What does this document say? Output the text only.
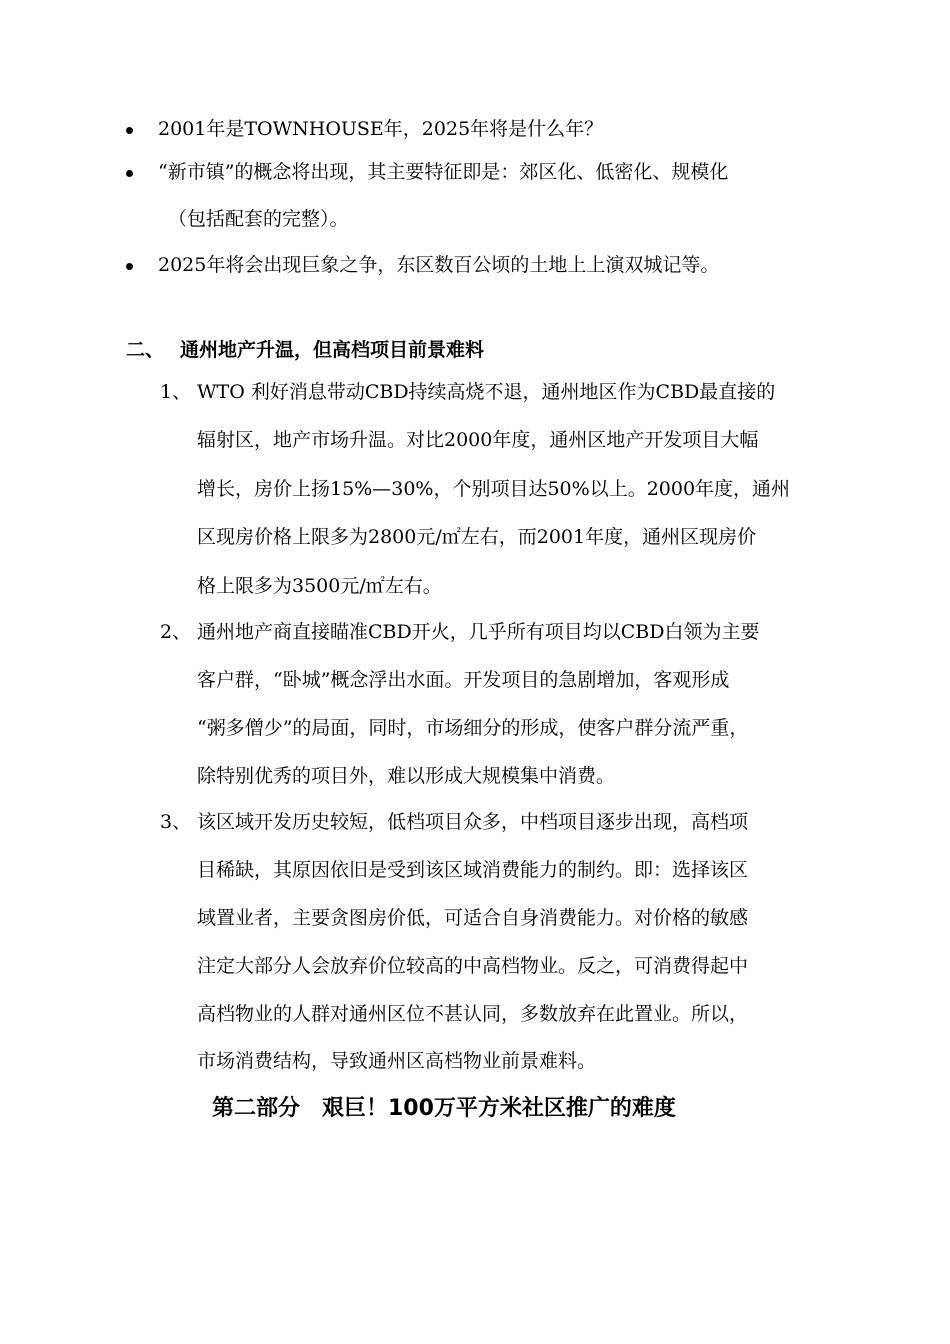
2001年是TOWNHOUSE年，2025年将是什么年？
“新市镇”的概念将出现，其主要特征即是：郊区化、低密化、规模化
（包括配套的完整）。
2025年将会出现巨象之争，东区数百公顷的土地上上演双城记等。
二、 通州地产升温，但高档项目前景难料
1、 WTO 利好消息带动CBD持续高烧不退，通州地区作为CBD最直接的
辐射区，地产市场升温。对比2000年度，通州区地产开发项目大幅
增长，房价上扬15%—30%，个别项目达50%以上。2000年度，通州
区现房价格上限多为2800元/㎡左右，而2001年度，通州区现房价
格上限多为3500元/㎡左右。
2、 通州地产商直接瞄准CBD开火，几乎所有项目均以CBD白领为主要
客户群，“卧城”概念浮出水面。开发项目的急剧增加，客观形成
“粥多僧少”的局面，同时，市场细分的形成，使客户群分流严重，
除特别优秀的项目外，难以形成大规模集中消费。
3、 该区域开发历史较短，低档项目众多，中档项目逐步出现，高档项
目稀缺，其原因依旧是受到该区域消费能力的制约。即：选择该区
域置业者，主要贪图房价低，可适合自身消费能力。对价格的敏感
注定大部分人会放弃价位较高的中高档物业。反之，可消费得起中
高档物业的人群对通州区位不甚认同，多数放弃在此置业。所以，
市场消费结构，导致通州区高档物业前景难料。
第二部分　艰巨！100万平方米社区推广的难度
